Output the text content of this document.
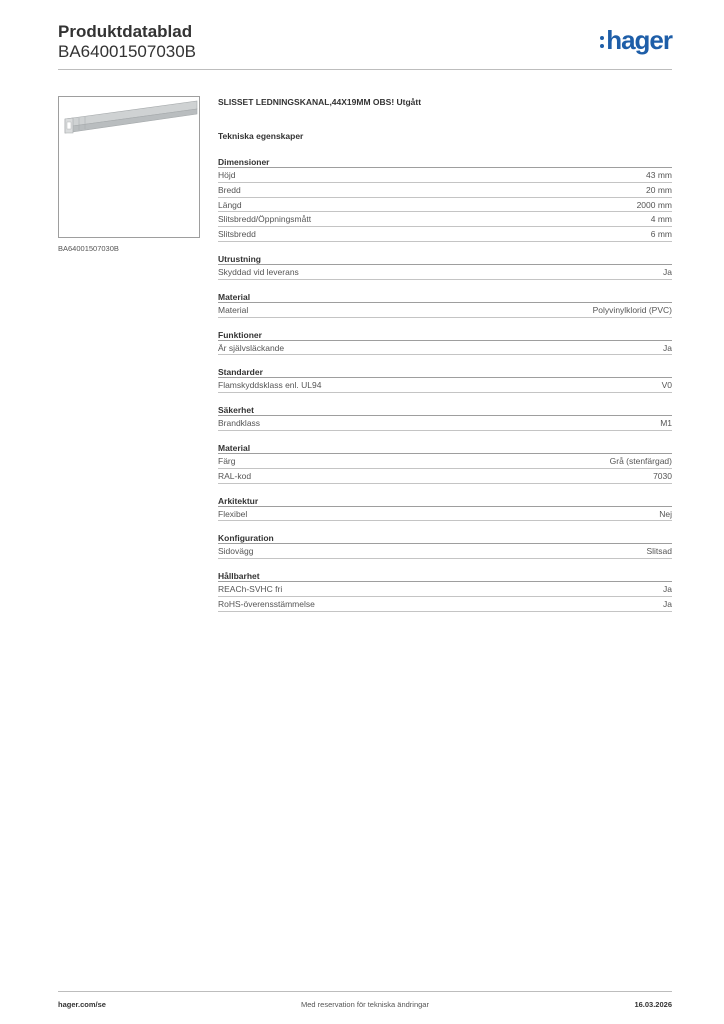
Produktdatablad
BA64001507030B	hager
BA64001507030B
SLISSET LEDNINGSKANAL,44X19MM OBS! Utgått
Tekniska egenskaper
Dimensioner
Höjd	43 mm
Bredd	20 mm
Längd	2000 mm
Slitsbredd/Öppningsmått	4 mm
Slitsbredd	6 mm
Utrustning
Skyddad vid leverans	Ja
Material
Material	Polyvinylklorid (PVC)
Funktioner
Är självsläckande	Ja
Standarder
Flamskyddsklass enl. UL94	V0
Säkerhet
Brandklass	M1
Material
Färg	Grå (stenfärgad)
RAL-kod	7030
Arkitektur
Flexibel	Nej
Konfiguration
Sidovägg	Slitsad
Hållbarhet
REACh-SVHC fri	Ja
RoHS-överensstämmelse	Ja
hager.com/se	Med reservation för tekniska ändringar	16.03.2026
